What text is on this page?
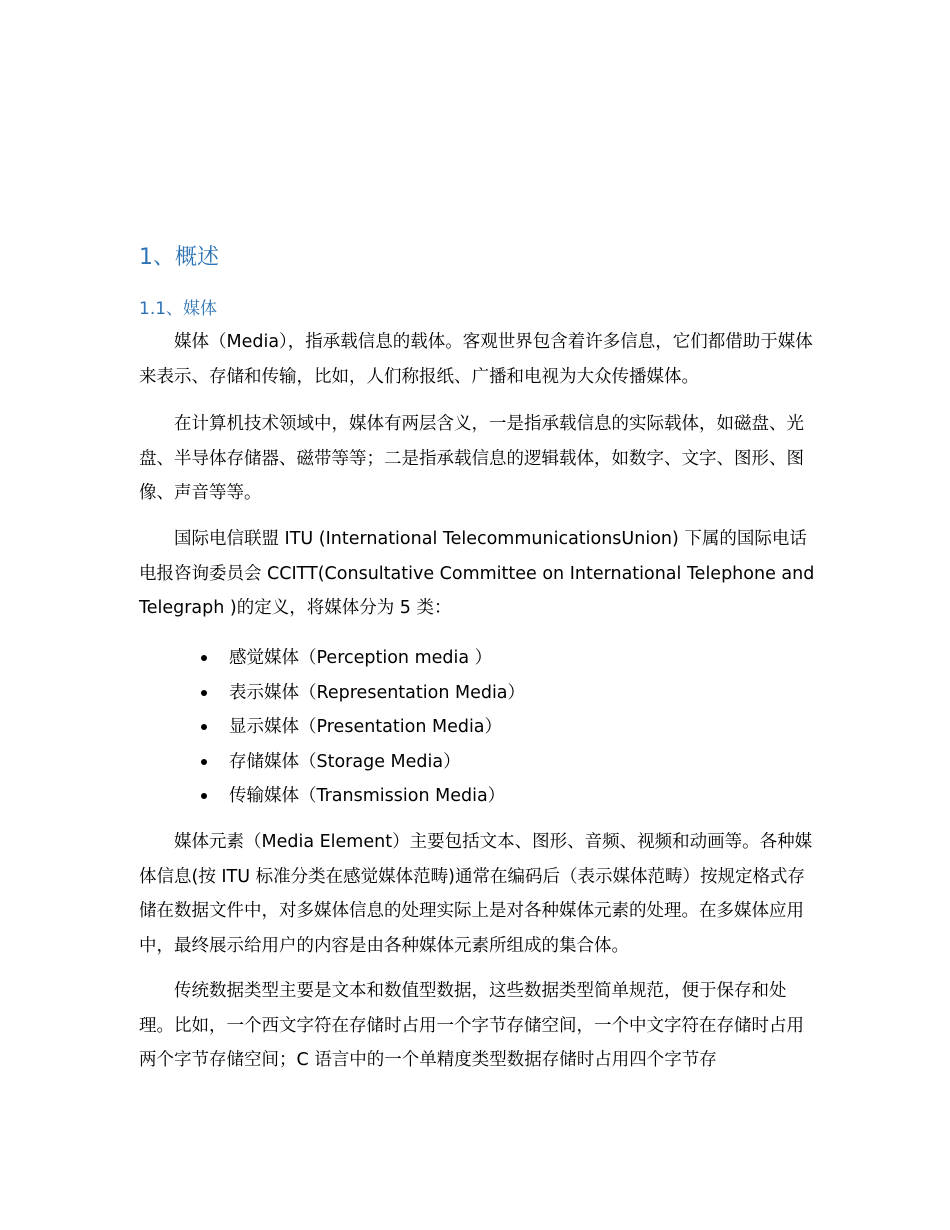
1、概述
1.1、媒体

媒体（Media），指承载信息的载体。客观世界包含着许多信息，它们都借助于媒体来表示、存储和传输，比如，人们称报纸、广播和电视为大众传播媒体。

在计算机技术领域中，媒体有两层含义，一是指承载信息的实际载体，如磁盘、光盘、半导体存储器、磁带等等；二是指承载信息的逻辑载体，如数字、文字、图形、图像、声音等等。

国际电信联盟 ITU (International TelecommunicationsUnion) 下属的国际电话电报咨询委员会 CCITT(Consultative Committee on International Telephone andTelegraph )的定义，将媒体分为 5 类：

感觉媒体（Perception media ）
表示媒体（Representation Media）
显示媒体（Presentation Media）
存储媒体（Storage Media）
传输媒体（Transmission Media）

媒体元素（Media Element）主要包括文本、图形、音频、视频和动画等。各种媒体信息(按 ITU 标准分类在感觉媒体范畴)通常在编码后（表示媒体范畴）按规定格式存储在数据文件中，对多媒体信息的处理实际上是对各种媒体元素的处理。在多媒体应用中，最终展示给用户的内容是由各种媒体元素所组成的集合体。

传统数据类型主要是文本和数值型数据，这些数据类型简单规范，便于保存和处理。比如，一个西文字符在存储时占用一个字节存储空间，一个中文字符在存储时占用两个字节存储空间；C 语言中的一个单精度类型数据存储时占用四个字节存
